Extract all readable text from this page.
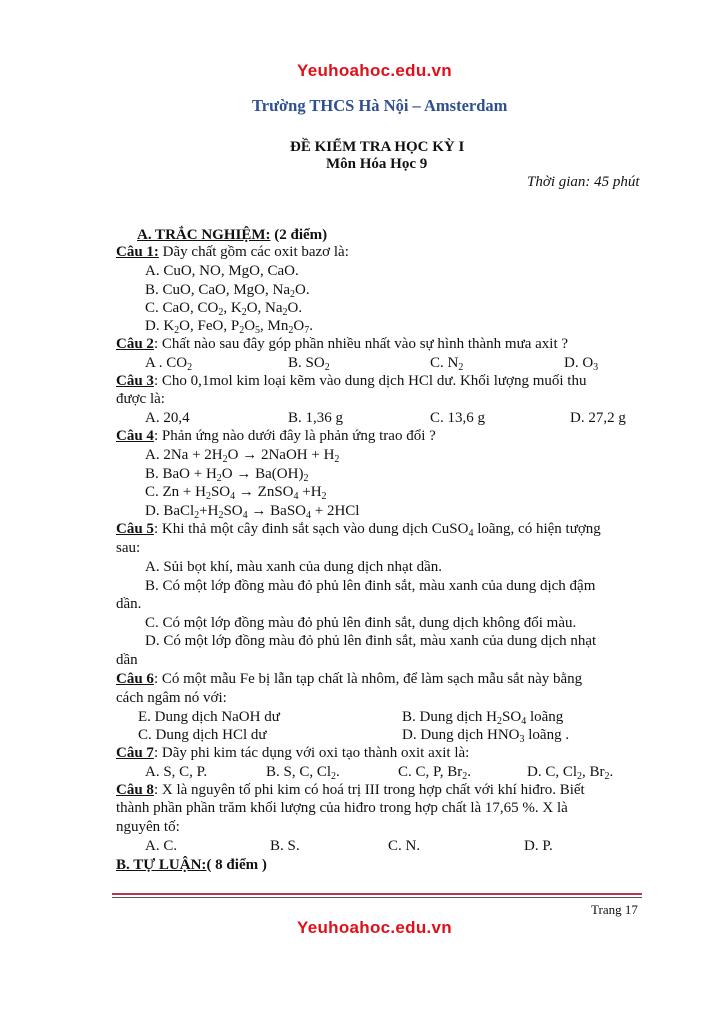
Yeuhoahoc.edu.vn
Trường THCS Hà Nội – Amsterdam
ĐỀ KIỂM TRA HỌC KỲ I
Môn Hóa Học 9
Thời gian: 45 phút
A. TRẮC NGHIỆM: (2 điểm)
Câu 1: Dãy chất gồm các oxit bazơ là:
A. CuO, NO, MgO, CaO.
B. CuO, CaO, MgO, $Na_2O$.
C. CaO, $CO_2$, $K_2O$, $Na_2O$.
D. $K_2O$, FeO, $P_2O_5$, $Mn_2O_7$.
Câu 2: Chất nào sau đây góp phần nhiều nhất vào sự hình thành mưa axit ?
A . $CO_2$	B. $SO_2$	C. $N_2$	D. $O_3$
Câu 3: Cho 0,1mol kim loại kẽm vào dung dịch HCl dư. Khối lượng muối thu
được là:
A. 20,4	B. 1,36 g	C. 13,6 g	D. 27,2 g
Câu 4: Phản ứng nào dưới đây là phản ứng trao đổi ?
A. $2Na + 2H_2O$ → 2NaOH + $H_2$
B. BaO + $H_2O \to Ba(OH)_2$
C. $Zn + H_2SO_4$ → ZnSO$_4$ $+H_2$
D. $BaCl_2+H_2SO_4$ → BaSO$_4$ + 2HCl
Câu 5: Khi thả một cây đinh sắt sạch vào dung dịch CuSO$_4$ loãng, có hiện tượng
sau:
A. Sủi bọt khí, màu xanh của dung dịch nhạt dần.
B. Có một lớp đồng màu đỏ phủ lên đinh sắt, màu xanh của dung dịch đậm
dần.
C. Có một lớp đồng màu đỏ phủ lên đinh sắt, dung dịch không đổi màu.
D. Có một lớp đồng màu đỏ phủ lên đinh sắt, màu xanh của dung dịch nhạt
dần
Câu 6: Có một mẫu Fe bị lẫn tạp chất là nhôm, để làm sạch mẫu sắt này bằng
cách ngâm nó với:
E. Dung dịch NaOH dư	B. Dung dịch $H_2SO_4$ loãng
C. Dung dịch HCl dư	D. Dung dịch $HNO_3$ loãng .
Câu 7: Dãy phi kim tác dụng với oxi tạo thành oxit axit là:
A. S, C, P.	B. S, C, $Cl_2$.	C. C, P, $Br_2$.	D. C, $Cl_2$, $Br_2$.
Câu 8: X là nguyên tố phi kim có hoá trị III trong hợp chất với khí hiđro. Biết
thành phần phần trăm khối lượng của hiđro trong hợp chất là 17,65 %. X là
nguyên tố:
A. C.	B. S.	C. N.	D. P.
B. TỰ LUẬN:( 8 điểm )
Trang 17
Yeuhoahoc.edu.vn
